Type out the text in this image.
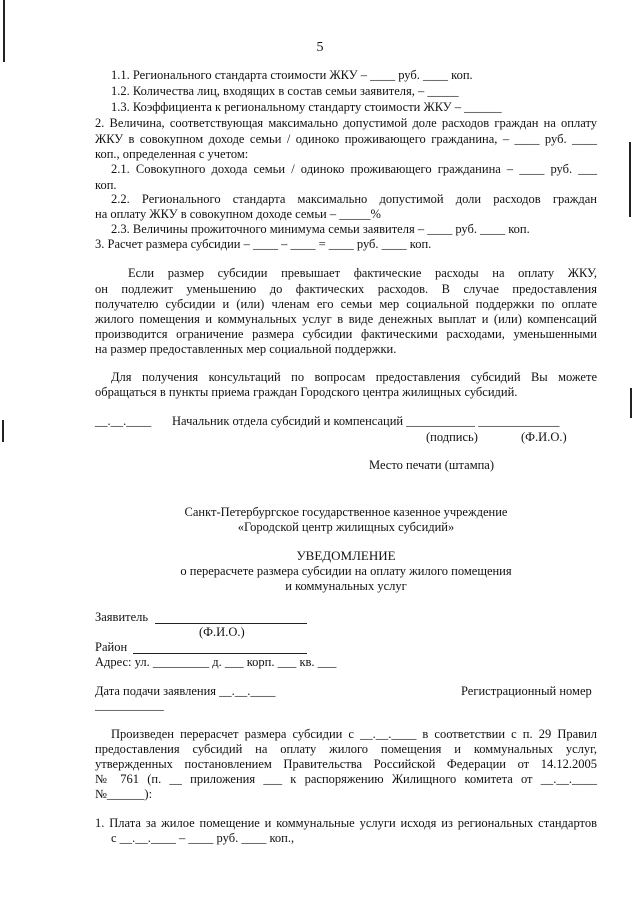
5
1.1. Регионального стандарта стоимости ЖКУ – ____ руб. ____ коп.
1.2. Количества лиц, входящих в состав семьи заявителя, – _____
1.3. Коэффициента к региональному стандарту стоимости ЖКУ – ______
2. Величина, соответствующая максимально допустимой доле расходов граждан на оплату
ЖКУ в совокупном доходе семьи / одиноко проживающего гражданина, – ____ руб. ____
коп., определенная с учетом:
2.1. Совокупного дохода семьи / одиноко проживающего гражданина – ____ руб. ___
коп.
2.2. Регионального стандарта максимально допустимой доли расходов граждан
на оплату ЖКУ в совокупном доходе семьи – _____%
2.3. Величины прожиточного минимума семьи заявителя – ____ руб. ____ коп.
3. Расчет размера субсидии – ____ – ____ = ____ руб. ____ коп.
Если размер субсидии превышает фактические расходы на оплату ЖКУ,
он подлежит уменьшению до фактических расходов. В случае предоставления
получателю субсидии и (или) членам его семьи мер социальной поддержки по оплате
жилого помещения и коммунальных услуг в виде денежных выплат и (или) компенсаций
производится ограничение размера субсидии фактическими расходами, уменьшенными
на размер предоставленных мер социальной поддержки.
Для получения консультаций по вопросам предоставления субсидий Вы можете
обращаться в пункты приема граждан Городского центра жилищных субсидий.
__.__.____ Начальник отдела субсидий и компенсаций ___________ _____________
(подпись)	(Ф.И.О.)
Место печати (штампа)
Санкт-Петербургское государственное казенное учреждение
«Городской центр жилищных субсидий»
УВЕДОМЛЕНИЕ
о перерасчете размера субсидии на оплату жилого помещения
и коммунальных услуг
Заявитель
(Ф.И.О.)
Район
Адрес: ул. _________ д. ___ корп. ___ кв. ___
Дата подачи заявления __.__.____	Регистрационный номер
___________
Произведен перерасчет размера субсидии с __.__.____ в соответствии с п. 29 Правил
предоставления субсидий на оплату жилого помещения и коммунальных услуг,
утвержденных постановлением Правительства Российской Федерации от 14.12.2005
№ 761 (п. __ приложения ___ к распоряжению Жилищного комитета от __.__.____
№______):
1. Плата за жилое помещение и коммунальные услуги исходя из региональных стандартов
с __.__.____ – ____ руб. ____ коп.,
